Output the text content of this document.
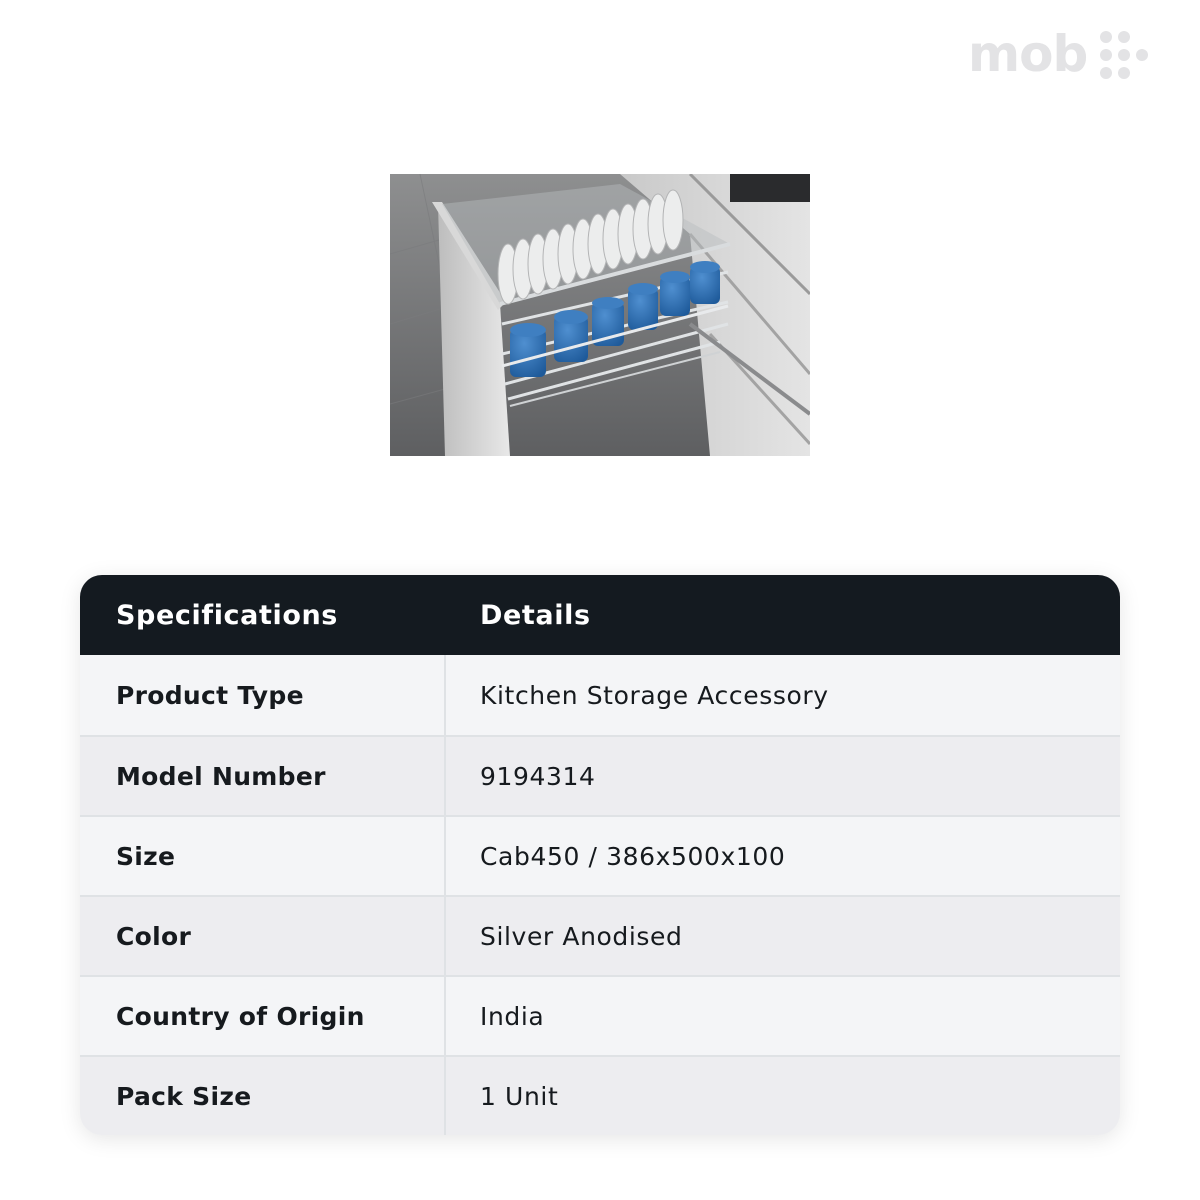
mob
Specifications	Details
Product Type	Kitchen Storage Accessory
Model Number	9194314
Size	Cab450 / 386x500x100
Color	Silver Anodised
Country of Origin	India
Pack Size	1 Unit
